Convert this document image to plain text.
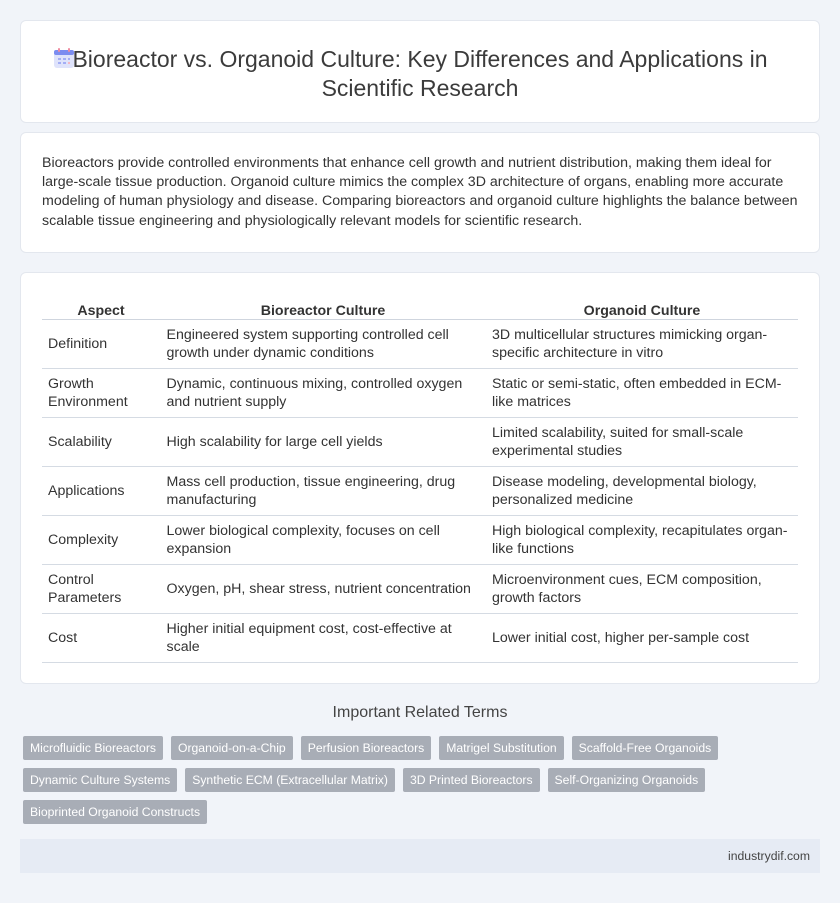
Bioreactor vs. Organoid Culture: Key Differences and Applications in Scientific Research

Bioreactors provide controlled environments that enhance cell growth and nutrient distribution, making them ideal for large-scale tissue production. Organoid culture mimics the complex 3D architecture of organs, enabling more accurate modeling of human physiology and disease. Comparing bioreactors and organoid culture highlights the balance between scalable tissue engineering and physiologically relevant models for scientific research.

Aspect	Bioreactor Culture	Organoid Culture
Definition	Engineered system supporting controlled cell growth under dynamic conditions	3D multicellular structures mimicking organ-specific architecture in vitro
Growth Environment	Dynamic, continuous mixing, controlled oxygen and nutrient supply	Static or semi-static, often embedded in ECM-like matrices
Scalability	High scalability for large cell yields	Limited scalability, suited for small-scale experimental studies
Applications	Mass cell production, tissue engineering, drug manufacturing	Disease modeling, developmental biology, personalized medicine
Complexity	Lower biological complexity, focuses on cell expansion	High biological complexity, recapitulates organ-like functions
Control Parameters	Oxygen, pH, shear stress, nutrient concentration	Microenvironment cues, ECM composition, growth factors
Cost	Higher initial equipment cost, cost-effective at scale	Lower initial cost, higher per-sample cost
Important Related Terms
Microfluidic Bioreactors	Organoid-on-a-Chip	Perfusion Bioreactors	Matrigel Substitution	Scaffold-Free Organoids
Dynamic Culture Systems	Synthetic ECM (Extracellular Matrix)	3D Printed Bioreactors	Self-Organizing Organoids
Bioprinted Organoid Constructs
industrydif.com
